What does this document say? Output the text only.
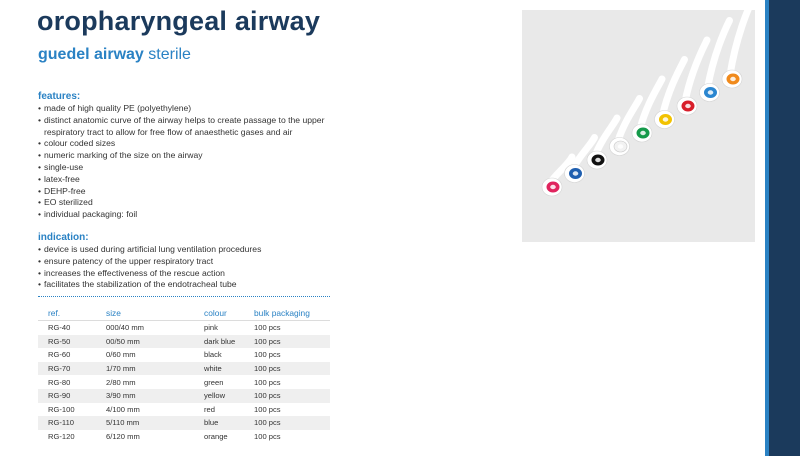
oropharyngeal airway
guedel airway sterile
features:
• made of high quality PE (polyethylene)
• distinct anatomic curve of the airway helps to create passage to the upper respiratory tract to allow for free flow of anaesthetic gases and air
• colour coded sizes
• numeric marking of the size on the airway
• single-use
• latex-free
• DEHP-free
• EO sterilized
• individual packaging: foil
indication:
• device is used during artificial lung ventilation procedures
• ensure patency of the upper respiratory tract
• increases the effectiveness of the rescue action
• facilitates the stabilization of the endotracheal tube
ref.	size	colour	bulk packaging
RG-40	000/40 mm	pink	100 pcs
RG-50	00/50 mm	dark blue	100 pcs
RG-60	0/60 mm	black	100 pcs
RG-70	1/70 mm	white	100 pcs
RG-80	2/80 mm	green	100 pcs
RG-90	3/90 mm	yellow	100 pcs
RG-100	4/100 mm	red	100 pcs
RG-110	5/110 mm	blue	100 pcs
RG-120	6/120 mm	orange	100 pcs
